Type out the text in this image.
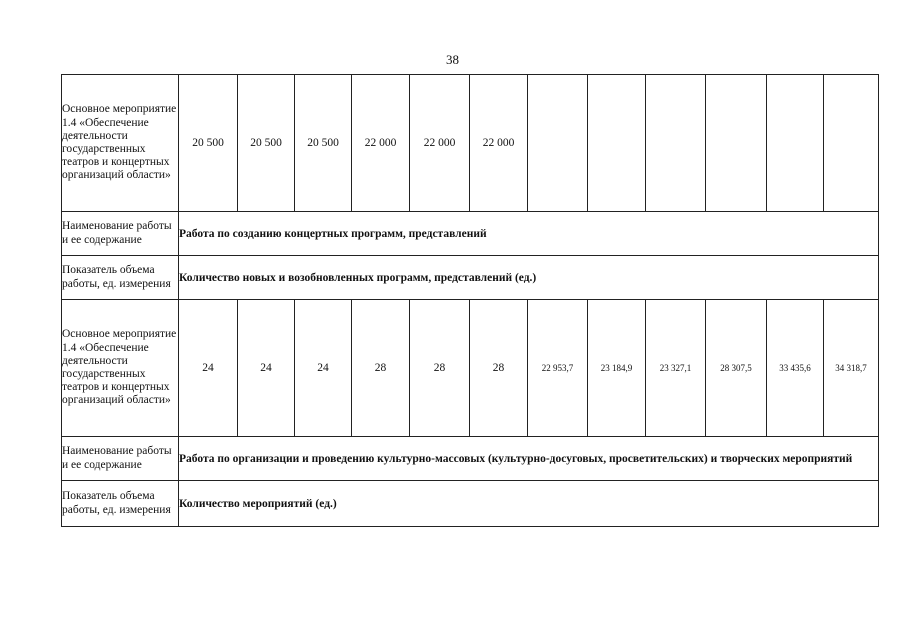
38
Основное мероприятие 1.4 «Обеспечение деятельности государственных театров и концертных организаций области»	20 500	20 500	20 500	22 000	22 000	22 000						
Наименование работы и ее содержание	Работа по созданию концертных программ, представлений											
Показатель объема работы, ед. измерения	Количество новых и возобновленных программ, представлений (ед.)											
Основное мероприятие 1.4 «Обеспечение деятельности государственных театров и концертных организаций области»	24	24	24	28	28	28	22 953,7	23 184,9	23 327,1	28 307,5	33 435,6	34 318,7
Наименование работы и ее содержание	Работа по организации и проведению культурно-массовых (культурно-досуговых, просветительских) и творческих мероприятий											
Показатель объема работы, ед. измерения	Количество мероприятий (ед.)											
